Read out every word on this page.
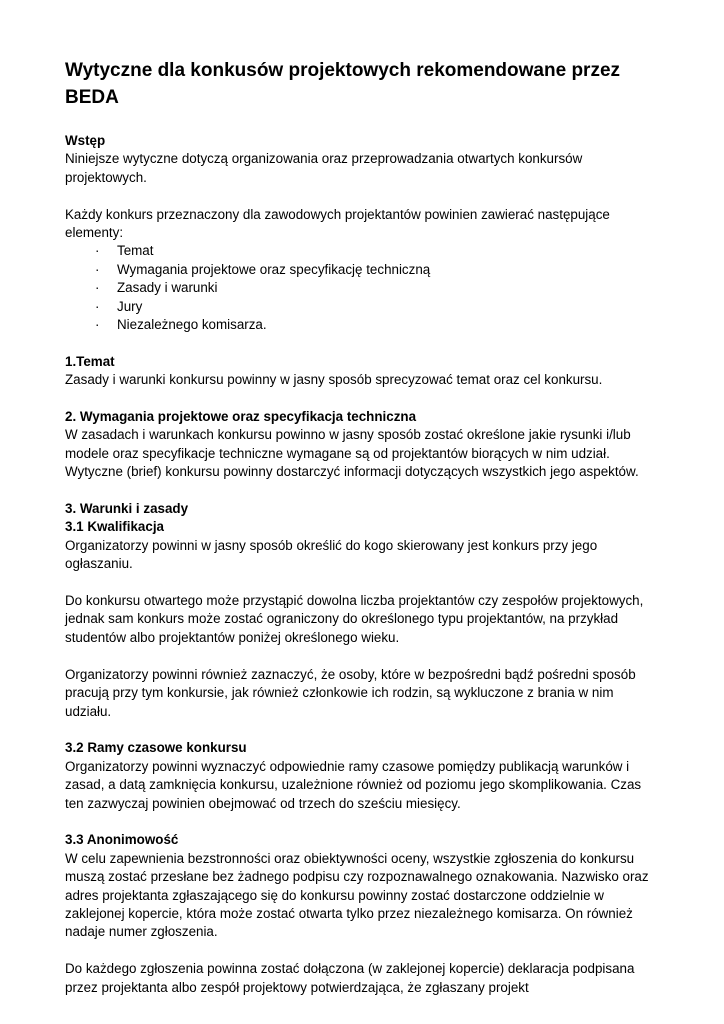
Wytyczne dla konkusów projektowych rekomendowane przez BEDA
Wstęp

Niniejsze wytyczne dotyczą organizowania oraz przeprowadzania otwartych konkursów projektowych.

Każdy konkurs przeznaczony dla zawodowych projektantów powinien zawierać następujące elementy:

·	Temat
·	Wymagania projektowe oraz specyfikację techniczną
·	Zasady i warunki
·	Jury
·	Niezależnego komisarza.
1.Temat

Zasady i warunki konkursu powinny w jasny sposób sprecyzować temat oraz cel konkursu.

2. Wymagania projektowe oraz specyfikacja techniczna

W zasadach i warunkach konkursu powinno w jasny sposób zostać określone jakie rysunki i/lub modele oraz specyfikacje techniczne wymagane są od projektantów biorących w nim udział. Wytyczne (brief) konkursu powinny dostarczyć informacji dotyczących wszystkich jego aspektów.

3. Warunki i zasady
3.1 Kwalifikacja

Organizatorzy powinni w jasny sposób określić do kogo skierowany jest konkurs przy jego ogłaszaniu.

Do konkursu otwartego może przystąpić dowolna liczba projektantów czy zespołów projektowych, jednak sam konkurs może zostać ograniczony do określonego typu projektantów, na przykład studentów albo projektantów poniżej określonego wieku.

Organizatorzy powinni również zaznaczyć, że osoby, które w bezpośredni bądź pośredni sposób pracują przy tym konkursie, jak również członkowie ich rodzin, są wykluczone z brania w nim udziału.

3.2 Ramy czasowe konkursu

Organizatorzy powinni wyznaczyć odpowiednie ramy czasowe pomiędzy publikacją warunków i zasad, a datą zamknięcia konkursu, uzależnione również od poziomu jego skomplikowania. Czas ten zazwyczaj powinien obejmować od trzech do sześciu miesięcy.

3.3 Anonimowość

W celu zapewnienia bezstronności oraz obiektywności oceny, wszystkie zgłoszenia do konkursu muszą zostać przesłane bez żadnego podpisu czy rozpoznawalnego oznakowania. Nazwisko oraz adres projektanta zgłaszającego się do konkursu powinny zostać dostarczone oddzielnie w zaklejonej kopercie, która może zostać otwarta tylko przez niezależnego komisarza. On również nadaje numer zgłoszenia.

Do każdego zgłoszenia powinna zostać dołączona (w zaklejonej kopercie) deklaracja podpisana przez projektanta albo zespół projektowy potwierdzająca, że zgłaszany projekt
